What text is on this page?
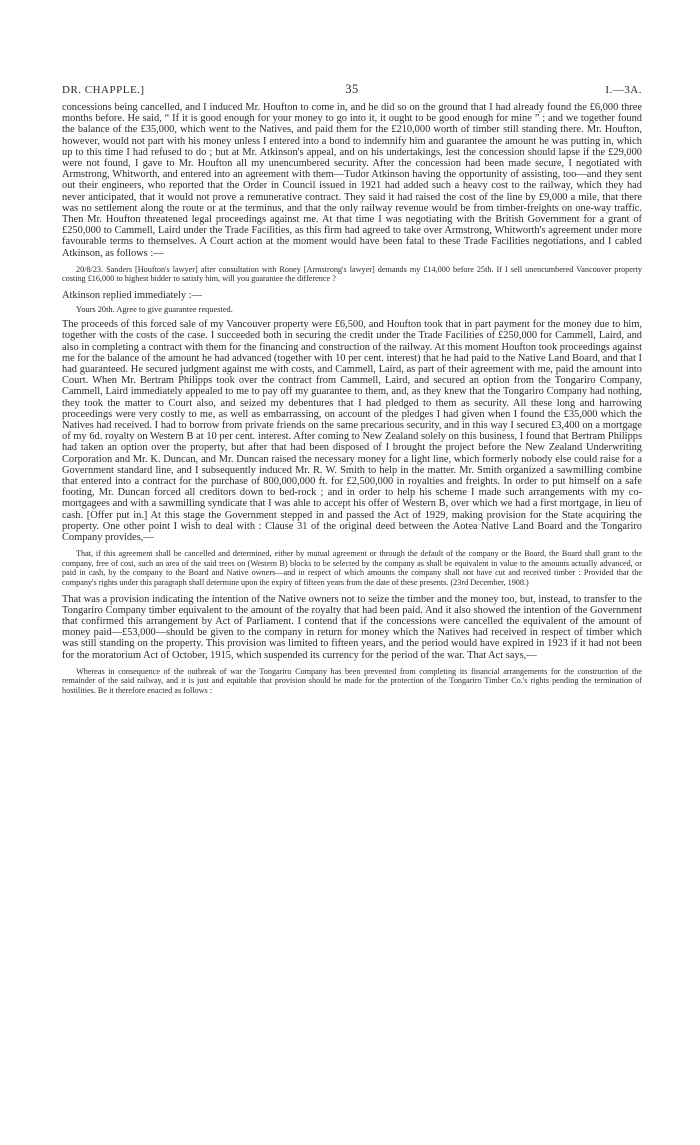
DR. CHAPPLE.]	35	I.—3A.

concessions being cancelled, and I induced Mr. Houfton to come in, and he did so on the ground that I had already found the £6,000 three months before. He said, “ If it is good enough for your money to go into it, it ought to be good enough for mine ” ; and we together found the balance of the £35,000, which went to the Natives, and paid them for the £210,000 worth of timber still standing there. Mr. Houfton, however, would not part with his money unless I entered into a bond to indemnify him and guarantee the amount he was putting in, which up to this time I had refused to do ; but at Mr. Atkinson's appeal, and on his undertakings, lest the concession should lapse if the £29,000 were not found, I gave to Mr. Houfton all my unencumbered security. After the concession had been made secure, I negotiated with Armstrong, Whitworth, and entered into an agreement with them—Tudor Atkinson having the opportunity of assisting, too—and they sent out their engineers, who reported that the Order in Council issued in 1921 had added such a heavy cost to the railway, which they had never anticipated, that it would not prove a remunerative contract. They said it had raised the cost of the line by £9,000 a mile, that there was no settlement along the route or at the terminus, and that the only railway revenue would be from timber-freights on one-way traffic. Then Mr. Houfton threatened legal proceedings against me. At that time I was negotiating with the British Government for a grant of £250,000 to Cammell, Laird under the Trade Facilities, as this firm had agreed to take over Armstrong, Whitworth's agreement under more favourable terms to themselves. A Court action at the moment would have been fatal to these Trade Facilities negotiations, and I cabled Atkinson, as follows :—

20/8/23. Sanders [Houfton's lawyer] after consultation with Roney [Armstrong's lawyer] demands my £14,000 before 25th. If I sell unencumbered Vancouver property costing £16,000 to highest bidder to satisfy him, will you guarantee the difference ?

Atkinson replied immediately :—

Yours 20th. Agree to give guarantee requested.

The proceeds of this forced sale of my Vancouver property were £6,500, and Houfton took that in part payment for the money due to him, together with the costs of the case. I succeeded both in securing the credit under the Trade Facilities of £250,000 for Cammell, Laird, and also in completing a contract with them for the financing and construction of the railway. At this moment Houfton took proceedings against me for the balance of the amount he had advanced (together with 10 per cent. interest) that he had paid to the Native Land Board, and that I had guaranteed. He secured judgment against me with costs, and Cammell, Laird, as part of their agreement with me, paid the amount into Court. When Mr. Bertram Philipps took over the contract from Cammell, Laird, and secured an option from the Tongariro Company, Cammell, Laird immediately appealed to me to pay off my guarantee to them, and, as they knew that the Tongariro Company had nothing, they took the matter to Court also, and seized my debentures that I had pledged to them as security. All these long and harrowing proceedings were very costly to me, as well as embarrassing, on account of the pledges I had given when I found the £35,000 which the Natives had received. I had to borrow from private friends on the same precarious security, and in this way I secured £3,400 on a mortgage of my 6d. royalty on Western B at 10 per cent. interest. After coming to New Zealand solely on this business, I found that Bertram Philipps had taken an option over the property, but after that had been disposed of I brought the project before the New Zealand Underwriting Corporation and Mr. K. Duncan, and Mr. Duncan raised the necessary money for a light line, which formerly nobody else could raise for a Government standard line, and I subsequently induced Mr. R. W. Smith to help in the matter. Mr. Smith organized a sawmilling combine that entered into a contract for the purchase of 800,000,000 ft. for £2,500,000 in royalties and freights. In order to put himself on a safe footing, Mr. Duncan forced all creditors down to bed-rock ; and in order to help his scheme I made such arrangements with my co-mortgagees and with a sawmilling syndicate that I was able to accept his offer of Western B, over which we had a first mortgage, in lieu of cash. [Offer put in.] At this stage the Government stepped in and passed the Act of 1929, making provision for the State acquiring the property. One other point I wish to deal with : Clause 31 of the original deed between the Aotea Native Land Board and the Tongariro Company provides,—

That, if this agreement shall be cancelled and determined, either by mutual agreement or through the default of the company or the Board, the Board shall grant to the company, free of cost, such an area of the said trees on (Western B) blocks to be selected by the company as shall be equivalent in value to the amounts actually advanced, or paid in cash, by the company to the Board and Native owners—and in respect of which amounts the company shall not have cut and received timber : Provided that the company's rights under this paragraph shall determine upon the expiry of fifteen years from the date of these presents. (23rd December, 1908.)

That was a provision indicating the intention of the Native owners not to seize the timber and the money too, but, instead, to transfer to the Tongariro Company timber equivalent to the amount of the royalty that had been paid. And it also showed the intention of the Government that confirmed this arrangement by Act of Parliament. I contend that if the concessions were cancelled the equivalent of the amount of money paid—£53,000—should be given to the company in return for money which the Natives had received in respect of timber which was still standing on the property. This provision was limited to fifteen years, and the period would have expired in 1923 if it had not been for the moratorium Act of October, 1915, which suspended its currency for the period of the war. That Act says,—

Whereas in consequence of the outbreak of war the Tongariro Company has been prevented from completing its financial arrangements for the construction of the remainder of the said railway, and it is just and equitable that provision should be made for the protection of the Tongariro Timber Co.'s rights pending the termination of hostilities. Be it therefore enacted as follows :
